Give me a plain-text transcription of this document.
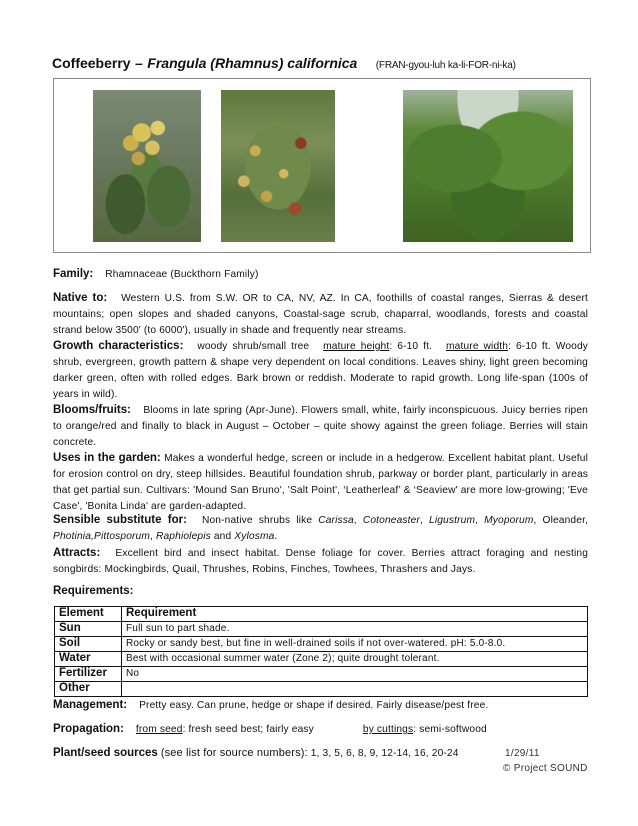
Coffeeberry – Frangula (Rhamnus) californica (FRAN-gyou-luh ka-li-FOR-ni-ka)
Family: Rhamnaceae (Buckthorn Family)
Native to: Western U.S. from S.W. OR to CA, NV, AZ. In CA, foothills of coastal ranges, Sierras & desert mountains; open slopes and shaded canyons, Coastal-sage scrub, chaparral, woodlands, forests and coastal strand below 3500' (to 6000'), usually in shade and frequently near streams.
Growth characteristics: woody shrub/small tree mature height: 6-10 ft. mature width: 6-10 ft. Woody shrub, evergreen, growth pattern & shape very dependent on local conditions. Leaves shiny, light green becoming darker green, often with rolled edges. Bark brown or reddish. Moderate to rapid growth. Long life-span (100s of years in wild).
Blooms/fruits: Blooms in late spring (Apr-June). Flowers small, white, fairly inconspicuous. Juicy berries ripen to orange/red and finally to black in August – October – quite showy against the green foliage. Berries will stain concrete.
Uses in the garden: Makes a wonderful hedge, screen or include in a hedgerow. Excellent habitat plant. Useful for erosion control on dry, steep hillsides. Beautiful foundation shrub, parkway or border plant, particularly in areas that get partial sun. Cultivars: 'Mound San Bruno', 'Salt Point', ‘Leatherleaf’ & ‘Seaview' are more low-growing; 'Eve Case', 'Bonita Linda' are garden-adapted.
Sensible substitute for: Non-native shrubs like Carissa, Cotoneaster, Ligustrum, Myoporum, Oleander, Photinia,Pittosporum, Raphiolepis and Xylosma.
Attracts: Excellent bird and insect habitat. Dense foliage for cover. Berries attract foraging and nesting songbirds: Mockingbirds, Quail, Thrushes, Robins, Finches, Towhees, Thrashers and Jays.
Requirements:
Element	Requirement
Sun	Full sun to part shade.
Soil	Rocky or sandy best, but fine in well-drained soils if not over-watered. pH: 5.0-8.0.
Water	Best with occasional summer water (Zone 2); quite drought tolerant.
Fertilizer	No
Other	
Management: Pretty easy. Can prune, hedge or shape if desired. Fairly disease/pest free.
Propagation: from seed: fresh seed best; fairly easy	by cuttings: semi-softwood
Plant/seed sources (see list for source numbers): 1, 3, 5, 6, 8, 9, 12-14, 16, 20-24	1/29/11
© Project SOUND
